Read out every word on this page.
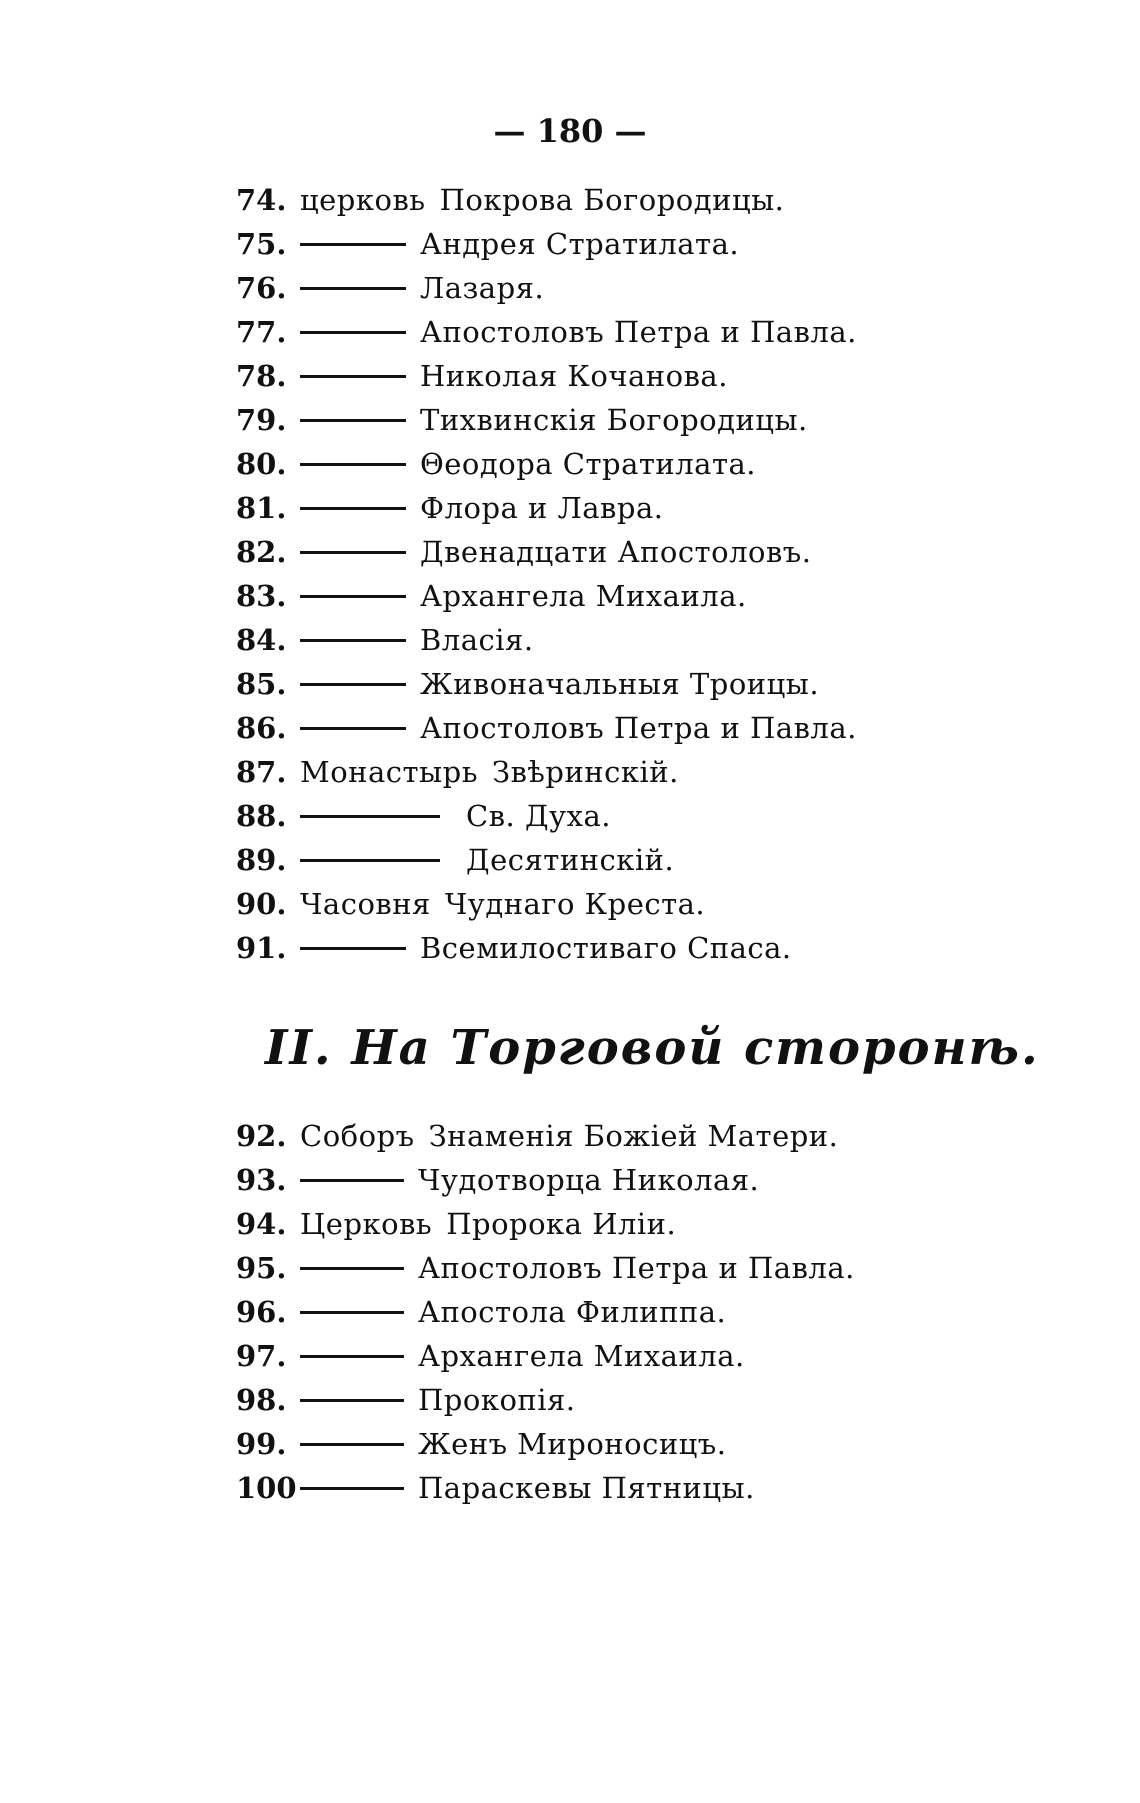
— 180 —
74. церковь Покрова Богородицы.
75.	Андрея Стратилата.
76.	Лазаря.
77.	Апостоловъ Петра и Павла.
78.	Николая Кочанова.
79.	Тихвинскія Богородицы.
80.	Θеодора Стратилата.
81.	Флора и Лавра.
82.	Двенадцати Апостоловъ.
83.	Архангела Михаила.
84.	Власія.
85.	Живоначальныя Троицы.
86.	Апостоловъ Петра и Павла.
87. Монастырь Звѣринскій.
88.	Св. Духа.
89.	Десятинскій.
90. Часовня Чуднаго Креста.
91.	Всемилостиваго Спаса.
II. На Торговой сторонѣ.
92. Соборъ Знаменія Божіей Матери.
93.	Чудотворца Николая.
94. Церковь Пророка Иліи.
95.	Апостоловъ Петра и Павла.
96.	Апостола Филиппа.
97.	Архангела Михаила.
98.	Прокопія.
99.	Женъ Мироносицъ.
100	Параскевы Пятницы.
